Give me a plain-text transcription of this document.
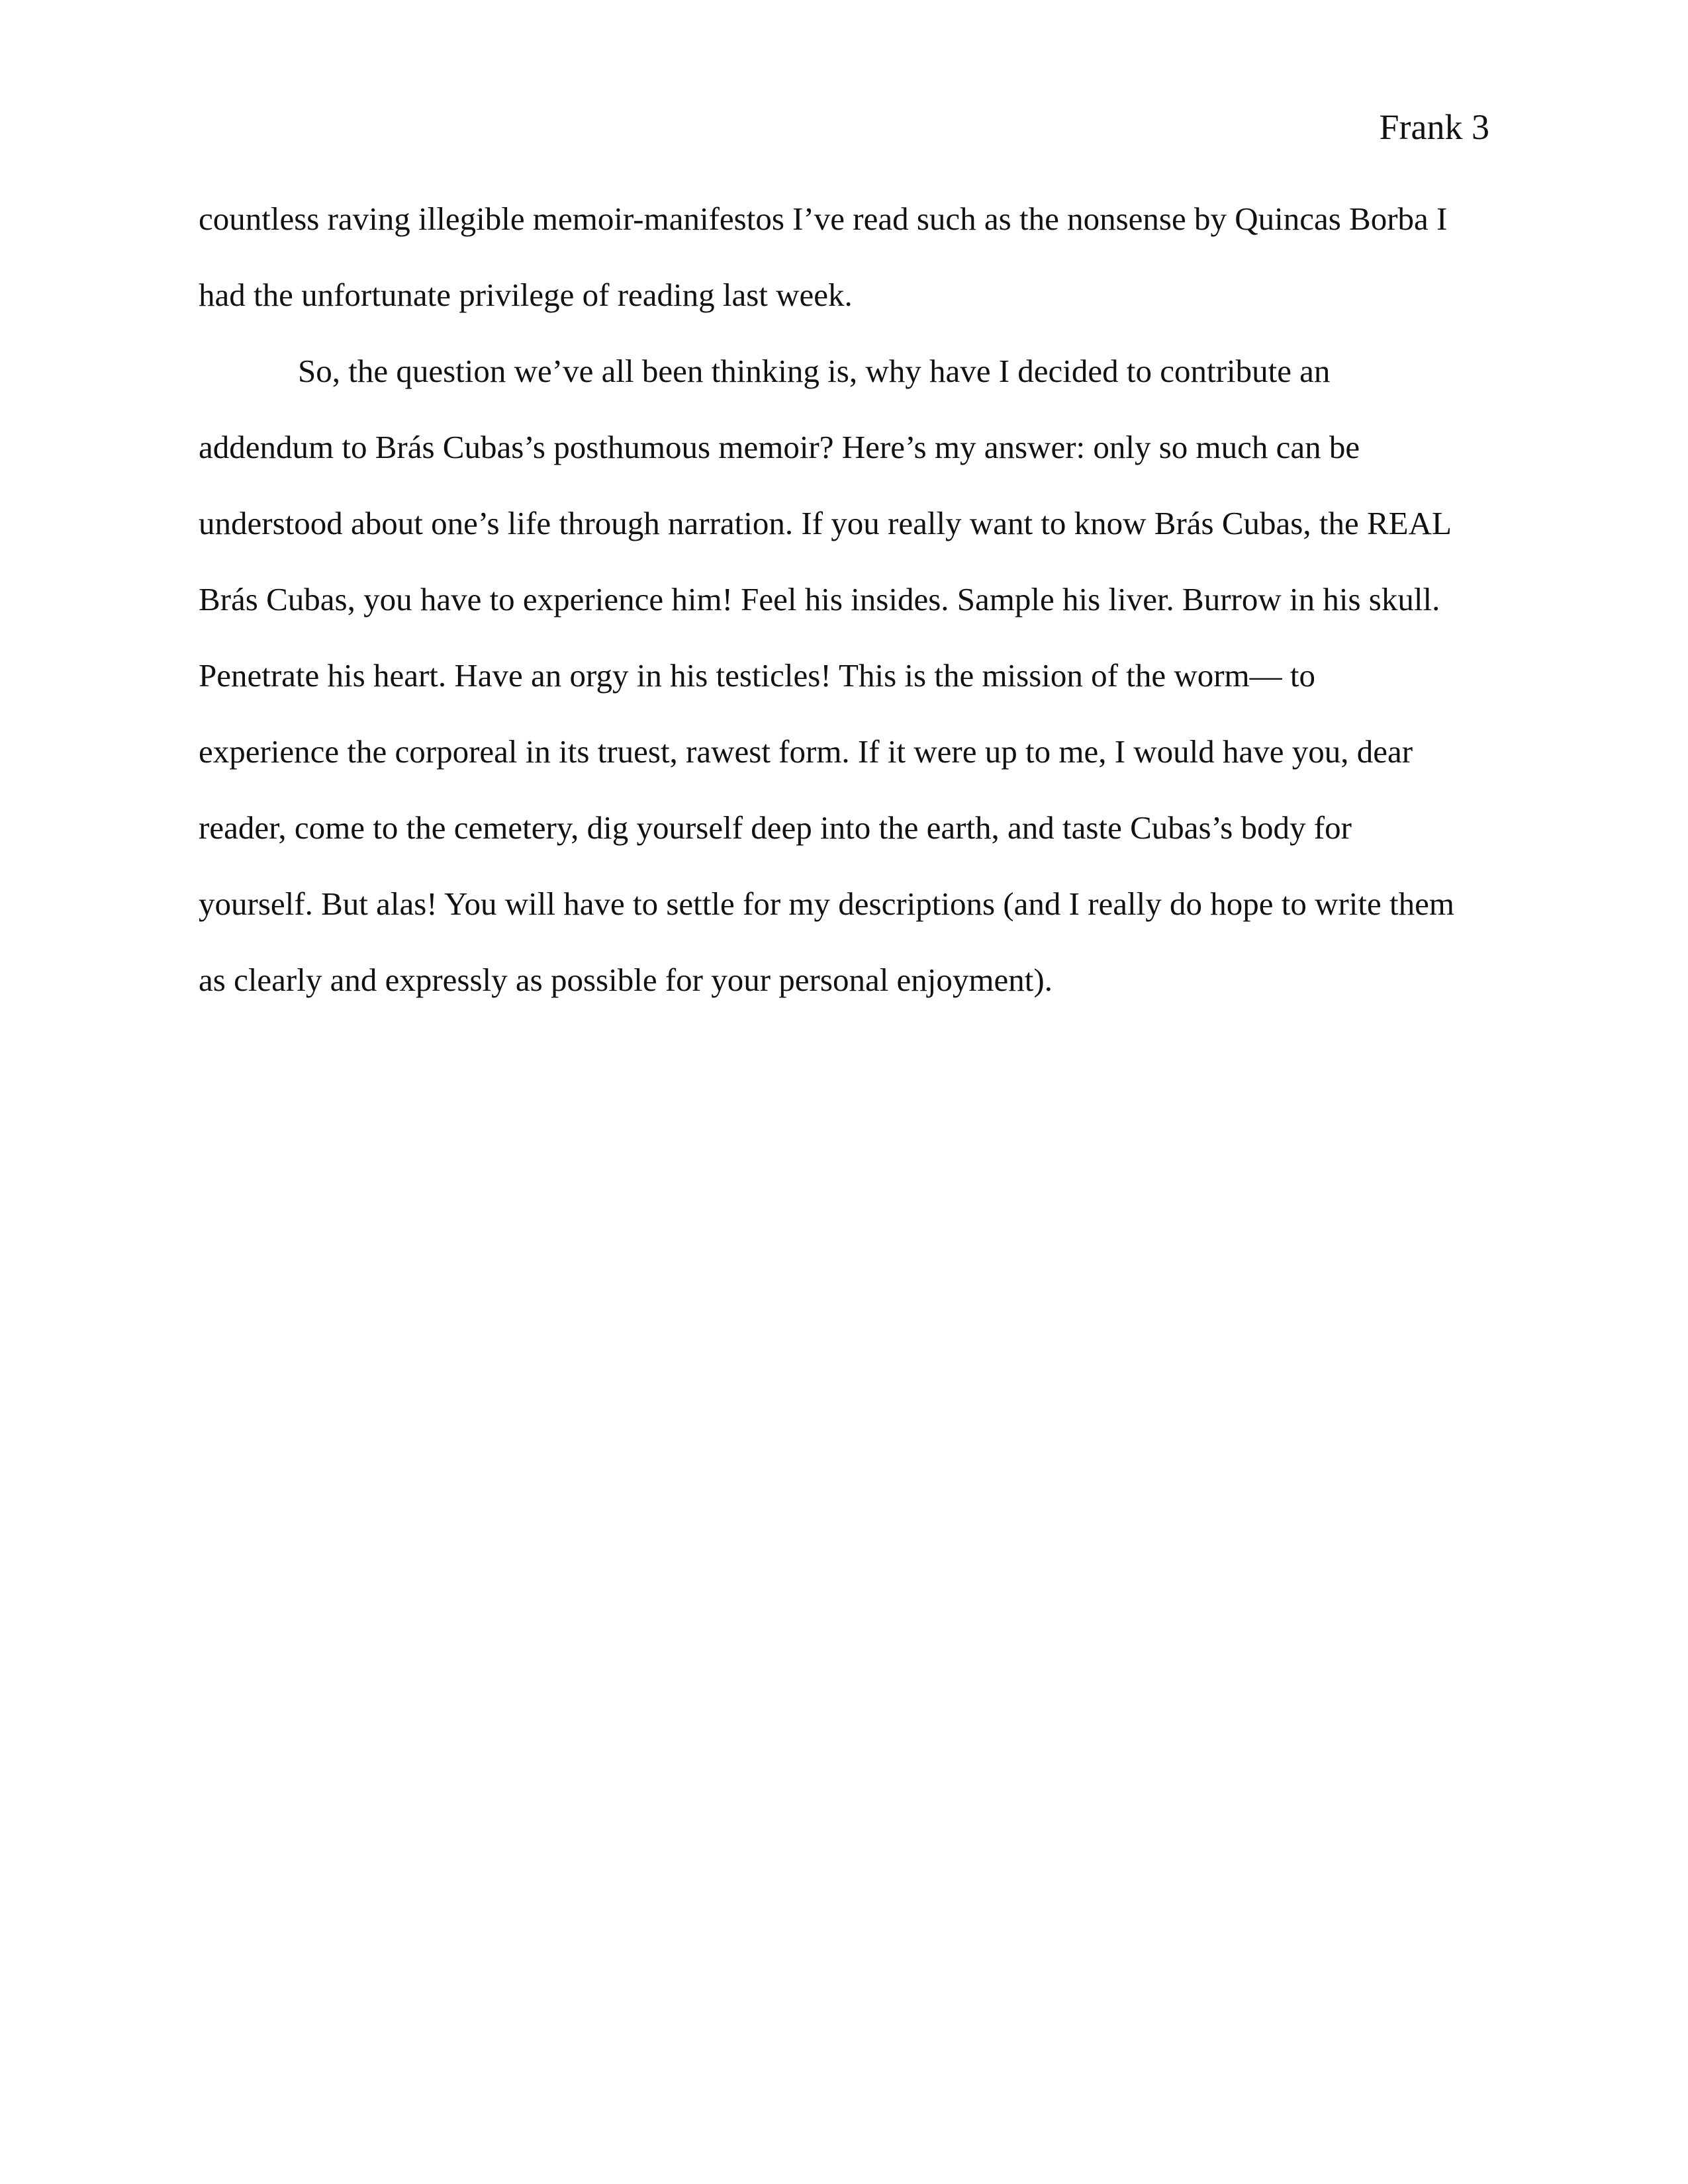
Frank 3
countless raving illegible memoir-manifestos I’ve read such as the nonsense by Quincas Borba I
had the unfortunate privilege of reading last week.
So, the question we’ve all been thinking is, why have I decided to contribute an
addendum to Brás Cubas’s posthumous memoir? Here’s my answer: only so much can be
understood about one’s life through narration. If you really want to know Brás Cubas, the REAL
Brás Cubas, you have to experience him! Feel his insides. Sample his liver. Burrow in his skull.
Penetrate his heart. Have an orgy in his testicles! This is the mission of the worm— to
experience the corporeal in its truest, rawest form. If it were up to me, I would have you, dear
reader, come to the cemetery, dig yourself deep into the earth, and taste Cubas’s body for
yourself. But alas! You will have to settle for my descriptions (and I really do hope to write them
as clearly and expressly as possible for your personal enjoyment).
